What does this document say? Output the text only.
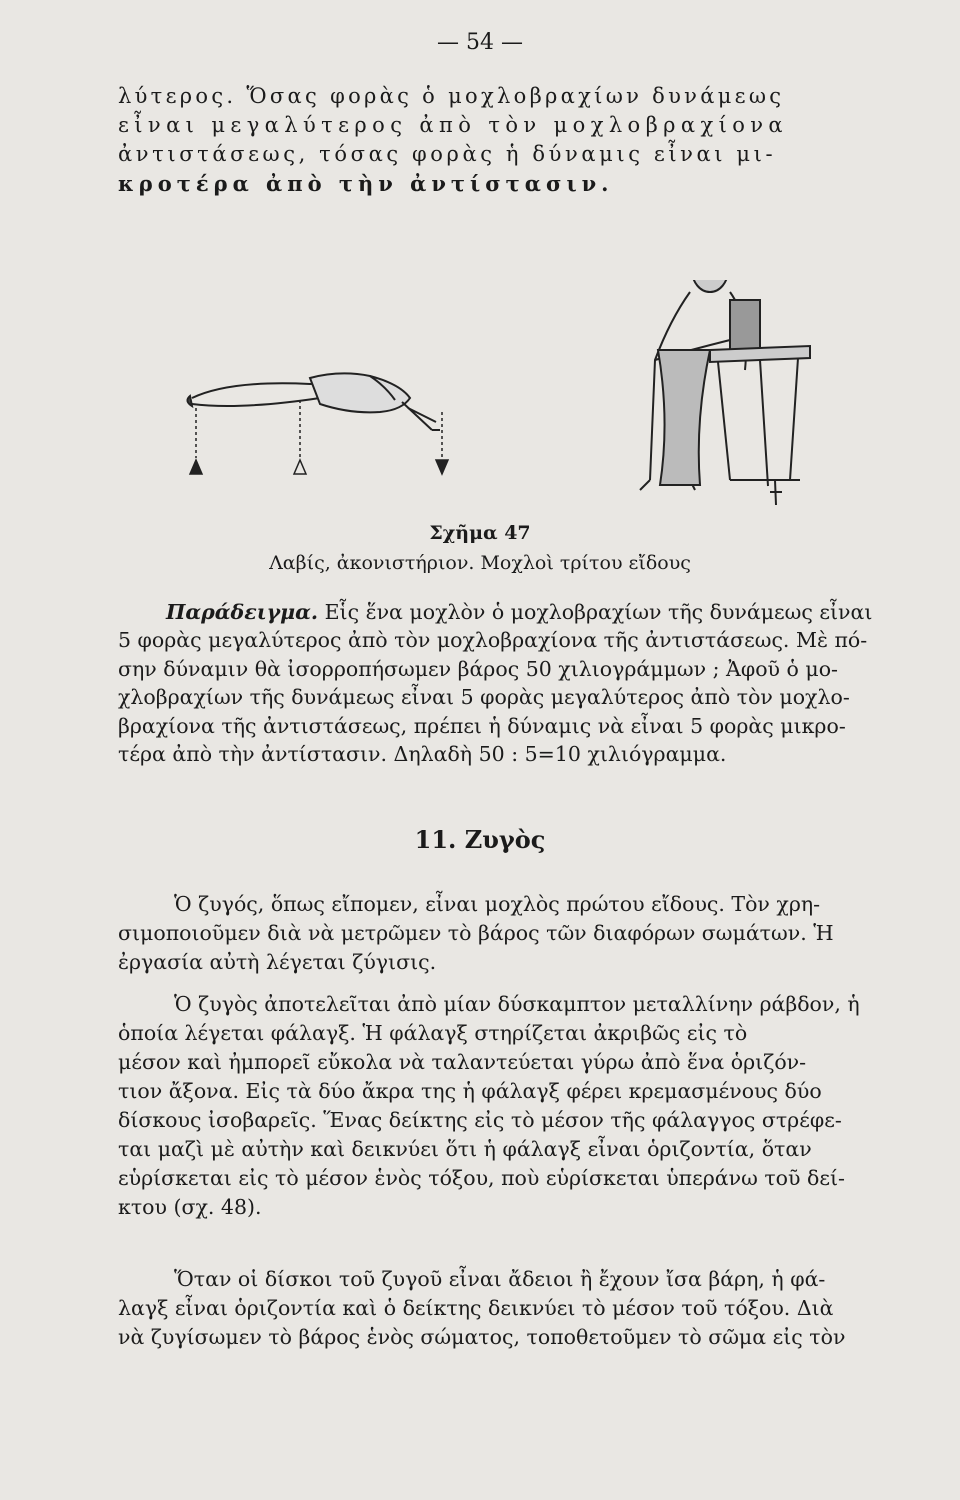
— 54 —

λύτερος. Ὅσας φορὰς ὁ μοχλοβραχίων δυνάμεως
εἶναι μεγαλύτερος ἀπὸ τὸν μοχλοβραχίονα
ἀντιστάσεως, τόσας φορὰς ἡ δύναμις εἶναι μι-
κροτέρα ἀπὸ τὴν ἀντίστασιν.

Σχῆμα 47
Λαβίς, ἀκονιστήριον. Μοχλοὶ τρίτου εἴδους

Παράδειγμα. Εἷς ἕνα μοχλὸν ὁ μοχλοβραχίων τῆς δυνάμεως εἶναι
5 φορὰς μεγαλύτερος ἀπὸ τὸν μοχλοβραχίονα τῆς ἀντιστάσεως. Μὲ πό-
σην δύναμιν θὰ ἰσορροπήσωμεν βάρος 50 χιλιογράμμων ; Ἀφοῦ ὁ μο-
χλοβραχίων τῆς δυνάμεως εἶναι 5 φορὰς μεγαλύτερος ἀπὸ τὸν μοχλο-
βραχίονα τῆς ἀντιστάσεως, πρέπει ἡ δύναμις νὰ εἶναι 5 φορὰς μικρο-
τέρα ἀπὸ τὴν ἀντίστασιν. Δηλαδὴ 50 : 5=10 χιλιόγραμμα.

11. Ζυγὸς

Ὁ ζυγός, ὅπως εἴπομεν, εἶναι μοχλὸς πρώτου εἴδους. Τὸν χρη-
σιμοποιοῦμεν διὰ νὰ μετρῶμεν τὸ βάρος τῶν διαφόρων σωμάτων. Ἡ
ἐργασία αὐτὴ λέγεται ζύγισις.

Ὁ ζυγὸς ἀποτελεῖται ἀπὸ μίαν δύσκαμπτον μεταλλίνην ράβδον, ἡ
ὁποία λέγεται φάλαγξ. Ἡ φάλαγξ στηρίζεται ἀκριβῶς εἰς τὸ
μέσον καὶ ἠμπορεῖ εὔκολα νὰ ταλαντεύεται γύρω ἀπὸ ἕνα ὁριζόν-
τιον ἄξονα. Εἰς τὰ δύο ἄκρα της ἡ φάλαγξ φέρει κρεμασμένους δύο
δίσκους ἰσοβαρεῖς. Ἕνας δείκτης εἰς τὸ μέσον τῆς φάλαγγος στρέφε-
ται μαζὶ μὲ αὐτὴν καὶ δεικνύει ὅτι ἡ φάλαγξ εἶναι ὁριζοντία, ὅταν
εὑρίσκεται εἰς τὸ μέσον ἑνὸς τόξου, ποὺ εὑρίσκεται ὑπεράνω τοῦ δεί-
κτου (σχ. 48).

Ὅταν οἱ δίσκοι τοῦ ζυγοῦ εἶναι ἄδειοι ἢ ἔχουν ἴσα βάρη, ἡ φά-
λαγξ εἶναι ὁριζοντία καὶ ὁ δείκτης δεικνύει τὸ μέσον τοῦ τόξου. Διὰ
νὰ ζυγίσωμεν τὸ βάρος ἑνὸς σώματος, τοποθετοῦμεν τὸ σῶμα εἰς τὸν
